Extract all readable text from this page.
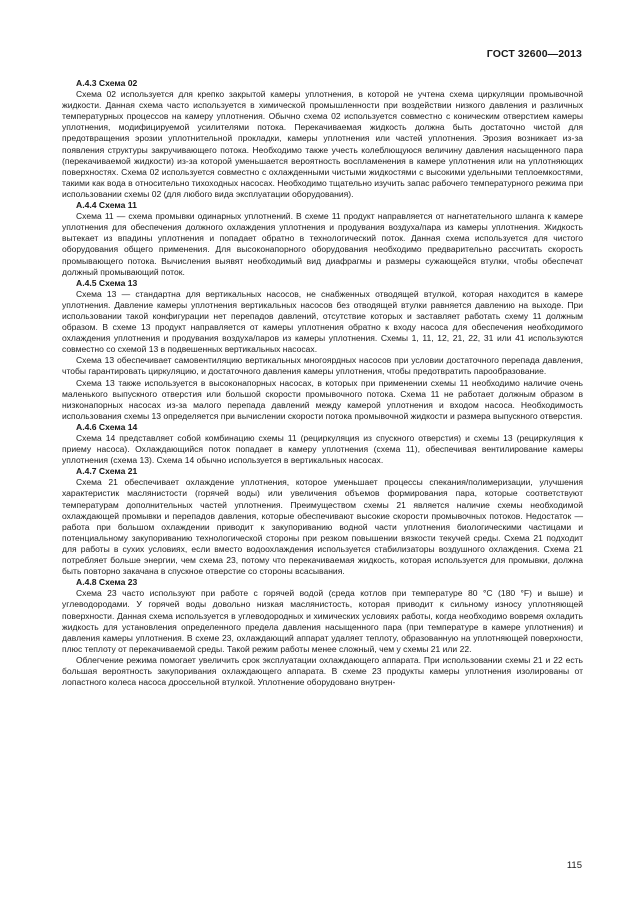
ГОСТ 32600—2013
А.4.3 Схема 02

Схема 02 используется для крепко закрытой камеры уплотнения, в которой не учтена схема циркуляции промывочной жидкости. Данная схема часто используется в химической промышленности при воздействии низкого давления и различных температурных процессов на камеру уплотнения. Обычно схема 02 используется совместно с коническим отверстием камеры уплотнения, модифицируемой усилителями потока. Перекачиваемая жидкость должна быть достаточно чистой для предотвращения эрозии уплотнительной прокладки, камеры уплотнения или частей уплотнения. Эрозия возникает из-за появления структуры закручивающего потока. Необходимо также учесть колеблющуюся величину давления насыщенного пара (перекачиваемой жидкости) из-за которой уменьшается вероятность воспламенения в камере уплотнения или на уплотняющих поверхностях. Схема 02 используется совместно с охлажденными чистыми жидкостями с высокими удельными теплоемкостями, такими как вода в относительно тихоходных насосах. Необходимо тщательно изучить запас рабочего температурного режима при использовании схемы 02 (для любого вида эксплуатации оборудования).

А.4.4 Схема 11

Схема 11 — схема промывки одинарных уплотнений. В схеме 11 продукт направляется от нагнетательного шланга к камере уплотнения для обеспечения должного охлаждения уплотнения и продувания воздуха/пара из камеры уплотнения. Жидкость вытекает из впадины уплотнения и попадает обратно в технологический поток. Данная схема используется для чистого оборудования общего применения. Для высоконапорного оборудования необходимо предварительно рассчитать скорость промывающего потока. Вычисления выявят необходимый вид диафрагмы и размеры сужающейся втулки, чтобы обеспечат должный промывающий поток.

А.4.5 Схема 13

Схема 13 — стандартна для вертикальных насосов, не снабженных отводящей втулкой, которая находится в камере уплотнения. Давление камеры уплотнения вертикальных насосов без отводящей втулки равняется давлению на выходе. При использовании такой конфигурации нет перепадов давлений, отсутствие которых и заставляет работать схему 11 должным образом. В схеме 13 продукт направляется от камеры уплотнения обратно к входу насоса для обеспечения необходимого охлаждения уплотнения и продувания воздуха/паров из камеры уплотнения. Схемы 1, 11, 12, 21, 22, 31 или 41 используются совместно со схемой 13 в подвешенных вертикальных насосах.

Схема 13 обеспечивает самовентиляцию вертикальных многоярдных насосов при условии достаточного перепада давления, чтобы гарантировать циркуляцию, и достаточного давления камеры уплотнения, чтобы предотвратить парообразование.

Схема 13 также используется в высоконапорных насосах, в которых при применении схемы 11 необходимо наличие очень маленького выпускного отверстия или большой скорости промывочного потока. Схема 11 не работает должным образом в низконапорных насосах из-за малого перепада давлений между камерой уплотнения и входом насоса. Необходимость использования схемы 13 определяется при вычислении скорости потока промывочной жидкости и размера выпускного отверстия.

А.4.6 Схема 14

Схема 14 представляет собой комбинацию схемы 11 (рециркуляция из спускного отверстия) и схемы 13 (рециркуляция к приему насоса). Охлаждающийся поток попадает в камеру уплотнения (схема 11), обеспечивая вентилирование камеры уплотнения (схема 13). Схема 14 обычно используется в вертикальных насосах.

А.4.7 Схема 21

Схема 21 обеспечивает охлаждение уплотнения, которое уменьшает процессы спекания/полимеризации, улучшения характеристик маслянистости (горячей воды) или увеличения объемов формирования пара, которые соответствуют температурам дополнительных частей уплотнения. Преимуществом схемы 21 является наличие схемы необходимой охлаждающей промывки и перепадов давления, которые обеспечивают высокие скорости промывочных потоков. Недостаток — работа при большом охлаждении приводит к закупориванию водной части уплотнения биологическими частицами и потенциальному закупориванию технологической стороны при резком повышении вязкости текучей среды. Схема 21 подходит для работы в сухих условиях, если вместо водоохлаждения используется стабилизаторы воздушного охлаждения. Схема 21 потребляет больше энергии, чем схема 23, потому что перекачиваемая жидкость, которая используется для промывки, должна быть повторно закачана в спускное отверстие со стороны всасывания.

А.4.8 Схема 23

Схема 23 часто используют при работе с горячей водой (среда котлов при температуре 80 °С (180 °F) и выше) и углеводородами. У горячей воды довольно низкая маслянистость, которая приводит к сильному износу уплотняющей поверхности. Данная схема используется в углеводородных и химических условиях работы, когда необходимо вовремя охладить жидкость для установления определенного предела давления насыщенного пара (при температуре в камере уплотнения) и давления камеры уплотнения. В схеме 23, охлаждающий аппарат удаляет теплоту, образованную на уплотняющей поверхности, плюс теплоту от перекачиваемой среды. Такой режим работы менее сложный, чем у схемы 21 или 22.

Облегчение режима помогает увеличить срок эксплуатации охлаждающего аппарата. При использовании схемы 21 и 22 есть большая вероятность закупоривания охлаждающего аппарата. В схеме 23 продукты камеры уплотнения изолированы от лопастного колеса насоса дроссельной втулкой. Уплотнение оборудовано внутрен-

115
